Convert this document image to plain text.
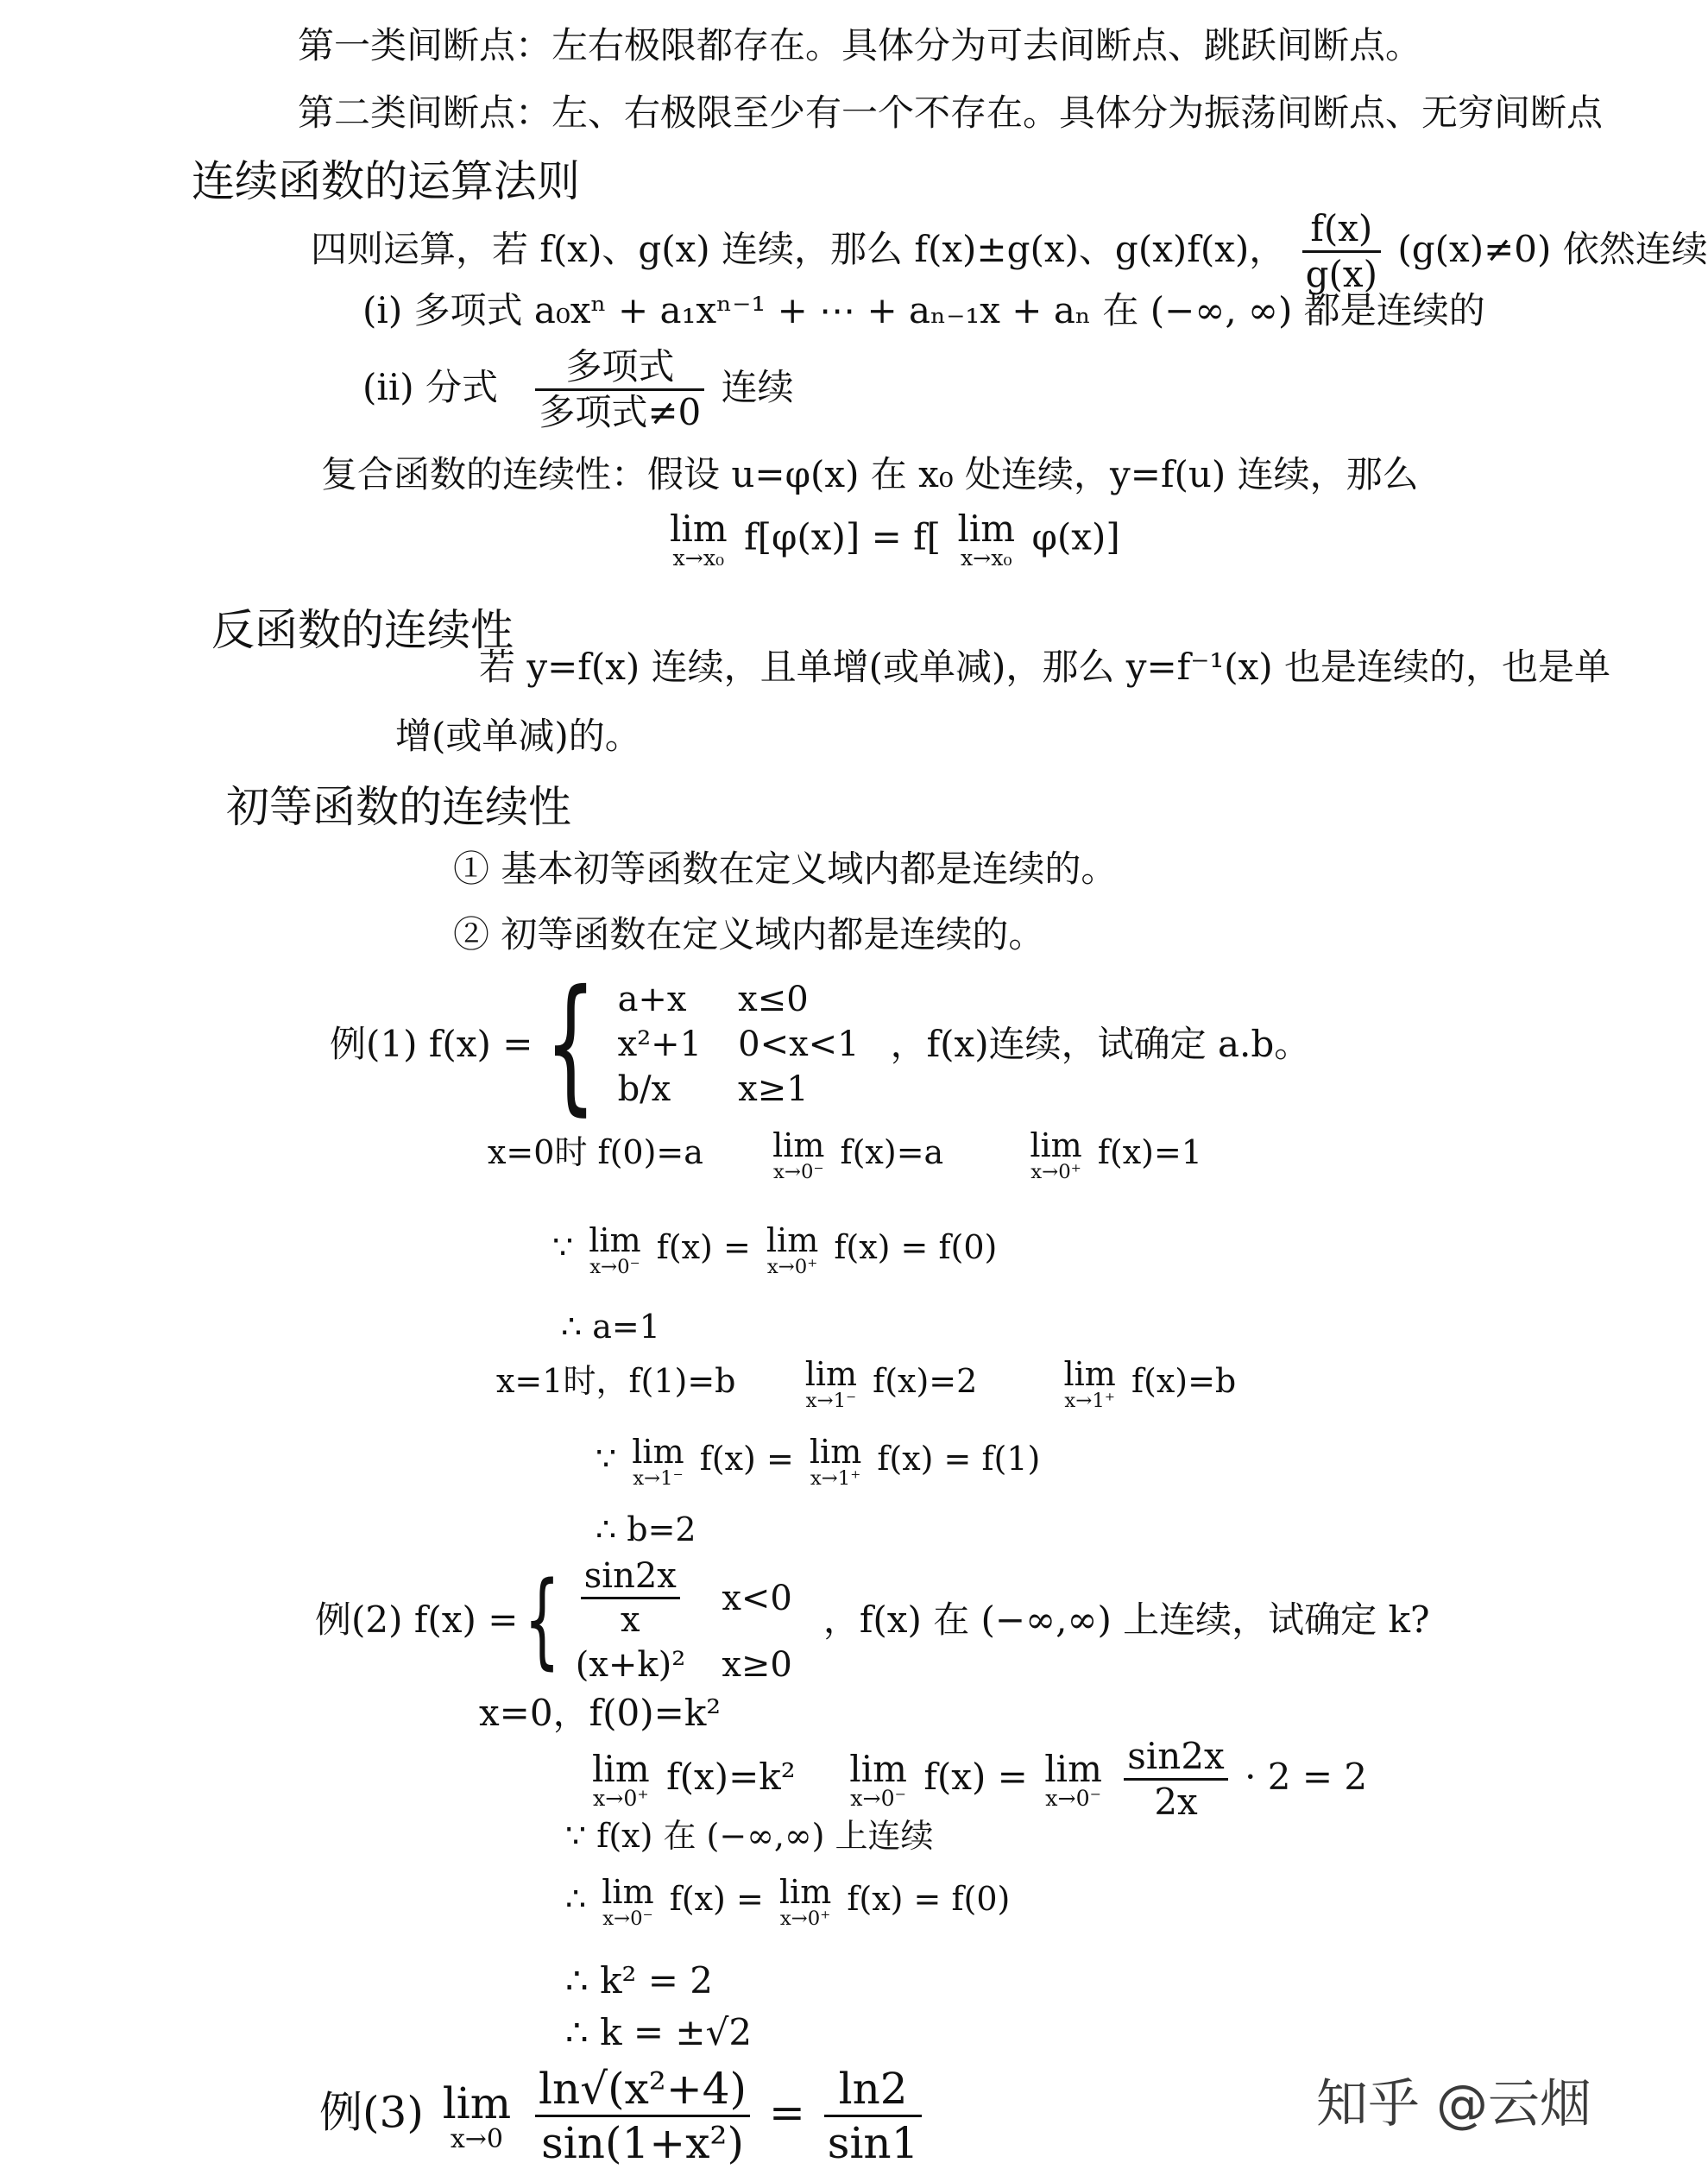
第一类间断点：左右极限都存在。具体分为可去间断点、跳跃间断点。
第二类间断点：左、右极限至少有一个不存在。具体分为振荡间断点、无穷间断点
连续函数的运算法则
四则运算，若 f(x)、g(x) 连续，那么 f(x)±g(x)、g(x)f(x)， $\frac{f(x)}{g(x)} (g(x)\ne 0)$ 依然连续
(i) 多项式 a₀xⁿ + a₁xⁿ⁻¹ + ⋯ + aₙ₋₁x + aₙ 在 (−∞, ∞) 都是连续的
(ii) 分式 $\frac{\text{多项式}}{\text{多项式≠0}}$ 连续
复合函数的连续性：假设 u=φ(x) 在 x₀ 处连续，y=f(u) 连续，那么
lim
x→x₀
f[φ(x)] = f[ lim
x→x₀
φ(x)]
反函数的连续性
若 y=f(x) 连续，且单增(或单减)，那么 y=f⁻¹(x) 也是连续的，也是单
增(或单减)的。
初等函数的连续性
① 基本初等函数在定义域内都是连续的。
② 初等函数在定义域内都是连续的。
例(1) f(x) = { a+x	x≤0
x²+1	0<x<1
b/x	x≥1
，f(x)连续，试确定 a.b。
x=0时 f(0)=a lim
x→0⁻
f(x)=a	lim
x→0⁺
f(x)=1
∵ lim
x→0⁻
f(x) = lim
x→0⁺
f(x) = f(0)
∴ a=1
x=1时，f(1)=b lim
x→1⁻
f(x)=2	lim
x→1⁺
f(x)=b
∵ lim
x→1⁻
f(x) = lim
x→1⁺
f(x) = f(1)
∴ b=2
例(2) f(x) = { $\frac{\sin 2x}{x}$	x<0
(x+k)²	x≥0
，f(x) 在 (−∞,∞) 上连续，试确定 k?
x=0，f(0)=k²
lim
x→0⁺
f(x)=k² lim
x→0⁻
f(x) = lim
x→0⁻
$\frac{\sin 2x}{2x} \cdot 2 = 2$
∵ f(x) 在 (−∞,∞) 上连续
∴ lim
x→0⁻
f(x) = lim
x→0⁺
f(x) = f(0)
∴ k² = 2
∴ k = ±√2
例(3) lim
x→0
$\frac{\text{ln√(x²+4)}}{\text{sin(1+x²)}} = \frac{\ln 2}{\sin 1}$	知乎 @云烟
